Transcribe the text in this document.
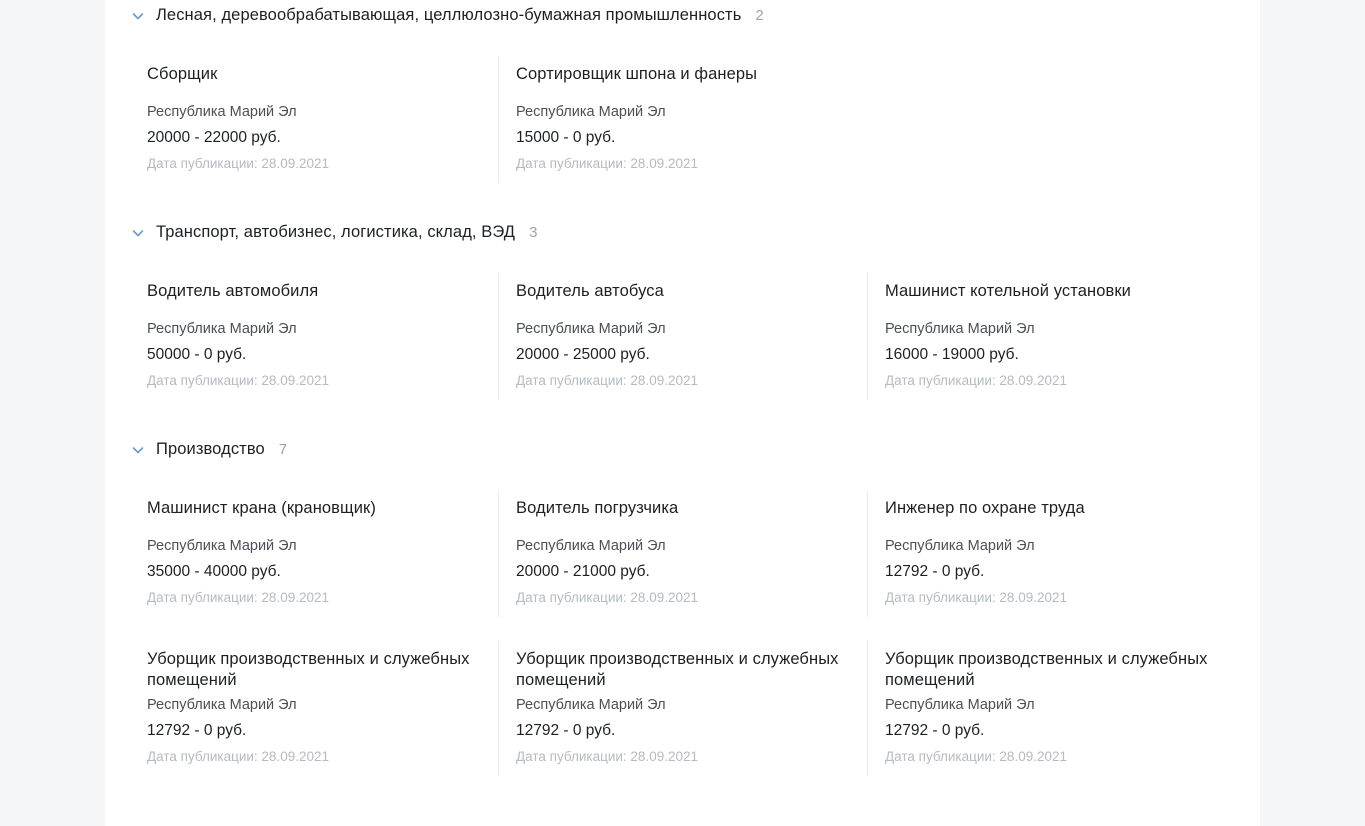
Лесная, деревообрабатывающая, целлюлозно-бумажная промышленность 2
Сборщик
Республика Марий Эл
20000 - 22000 руб.
Дата публикации: 28.09.2021
Сортировщик шпона и фанеры
Республика Марий Эл
15000 - 0 руб.
Дата публикации: 28.09.2021
Транспорт, автобизнес, логистика, склад, ВЭД 3
Водитель автомобиля
Республика Марий Эл
50000 - 0 руб.
Дата публикации: 28.09.2021
Водитель автобуса
Республика Марий Эл
20000 - 25000 руб.
Дата публикации: 28.09.2021
Машинист котельной установки
Республика Марий Эл
16000 - 19000 руб.
Дата публикации: 28.09.2021
Производство 7
Машинист крана (крановщик)
Республика Марий Эл
35000 - 40000 руб.
Дата публикации: 28.09.2021
Водитель погрузчика
Республика Марий Эл
20000 - 21000 руб.
Дата публикации: 28.09.2021
Инженер по охране труда
Республика Марий Эл
12792 - 0 руб.
Дата публикации: 28.09.2021
Уборщик производственных и служебных помещений
Республика Марий Эл
12792 - 0 руб.
Дата публикации: 28.09.2021
Уборщик производственных и служебных помещений
Республика Марий Эл
12792 - 0 руб.
Дата публикации: 28.09.2021
Уборщик производственных и служебных помещений
Республика Марий Эл
12792 - 0 руб.
Дата публикации: 28.09.2021
